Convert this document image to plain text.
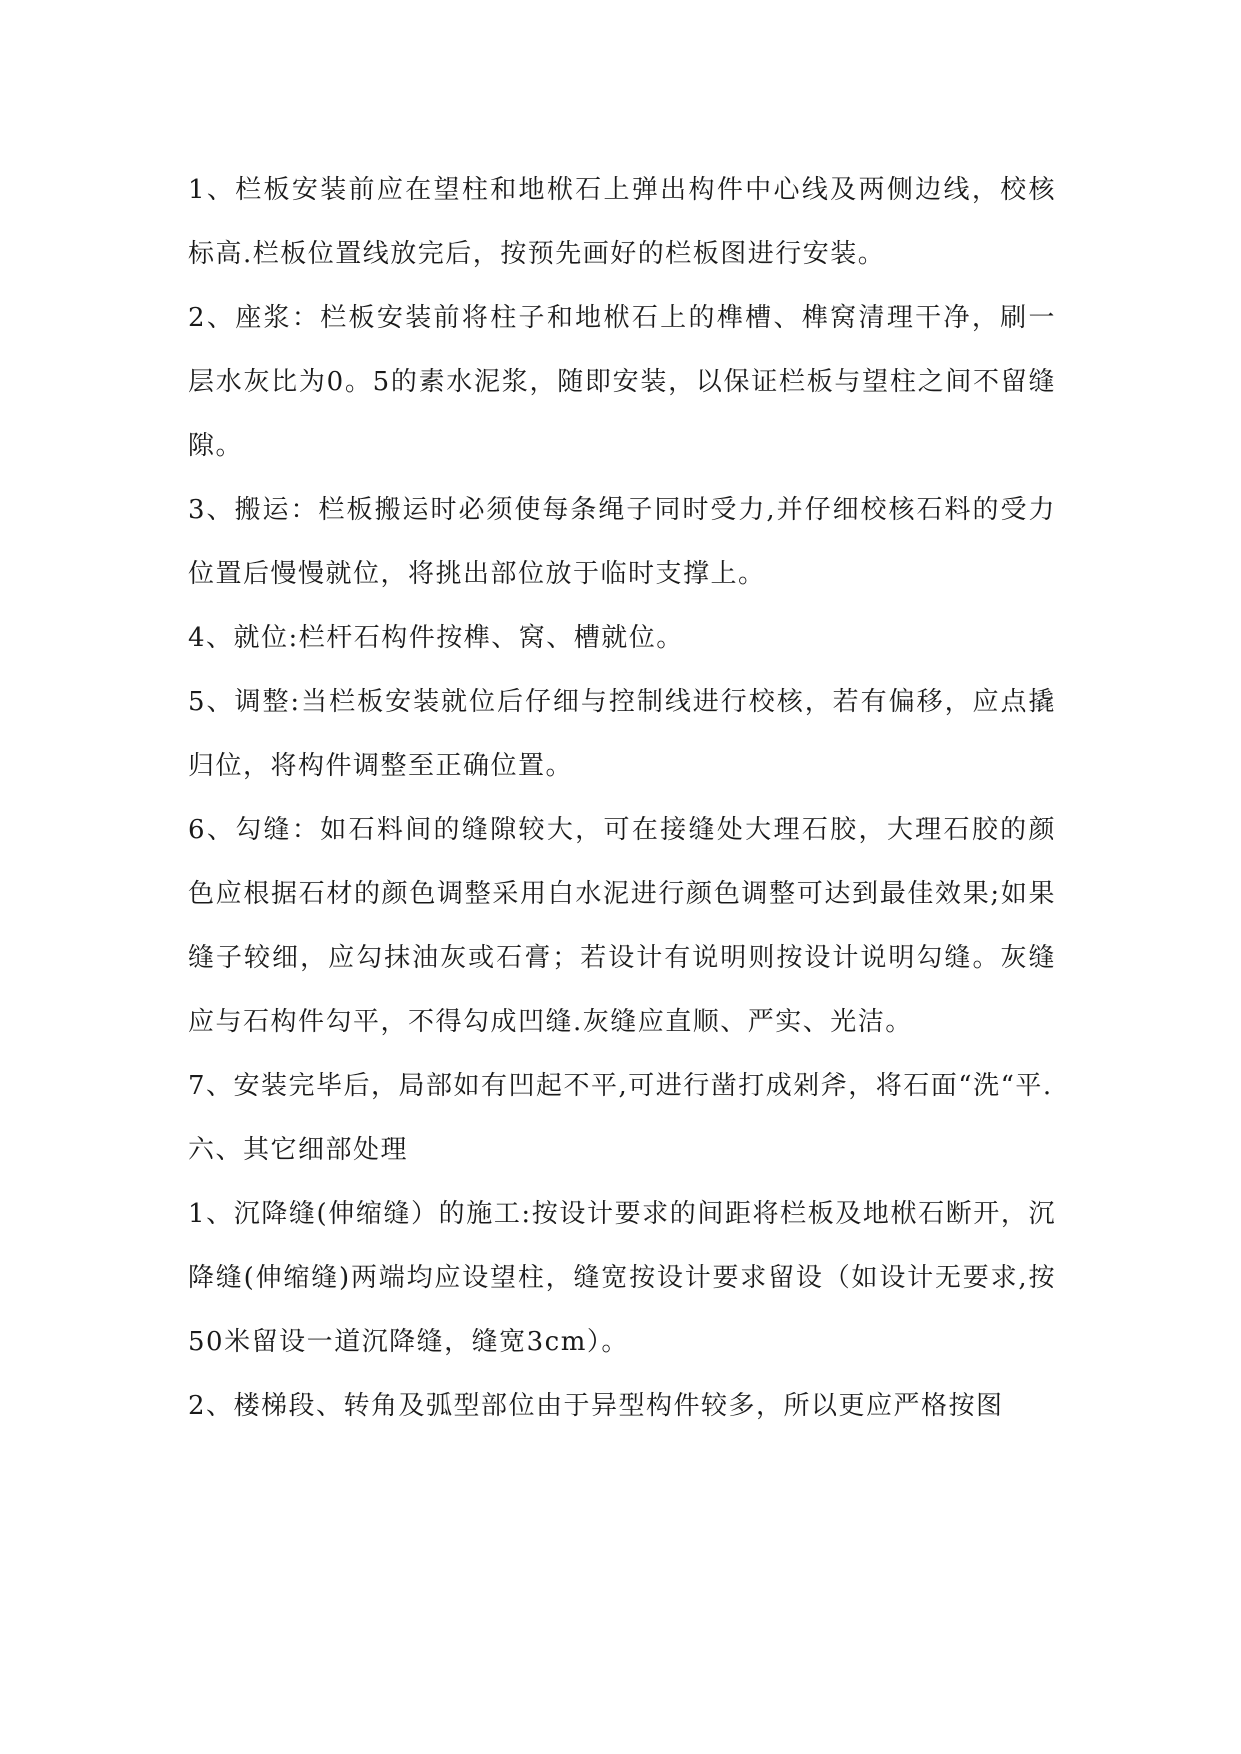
1、栏板安装前应在望柱和地栿石上弹出构件中心线及两侧边线，校核标高.栏板位置线放完后，按预先画好的栏板图进行安装。

2、座浆：栏板安装前将柱子和地栿石上的榫槽、榫窝清理干净，刷一层水灰比为0。5的素水泥浆，随即安装，以保证栏板与望柱之间不留缝隙。

3、搬运：栏板搬运时必须使每条绳子同时受力,并仔细校核石料的受力位置后慢慢就位，将挑出部位放于临时支撑上。

4、就位:栏杆石构件按榫、窝、槽就位。

5、调整:当栏板安装就位后仔细与控制线进行校核，若有偏移，应点撬归位，将构件调整至正确位置。

6、勾缝：如石料间的缝隙较大，可在接缝处大理石胶，大理石胶的颜色应根据石材的颜色调整采用白水泥进行颜色调整可达到最佳效果;如果缝子较细，应勾抹油灰或石膏；若设计有说明则按设计说明勾缝。灰缝应与石构件勾平，不得勾成凹缝.灰缝应直顺、严实、光洁。

7、安装完毕后，局部如有凹起不平,可进行凿打成剁斧，将石面“洗“平.

六、其它细部处理

1、沉降缝(伸缩缝）的施工:按设计要求的间距将栏板及地栿石断开，沉降缝(伸缩缝)两端均应设望柱，缝宽按设计要求留设（如设计无要求,按50米留设一道沉降缝，缝宽3cm）。

2、楼梯段、转角及弧型部位由于异型构件较多，所以更应严格按图
